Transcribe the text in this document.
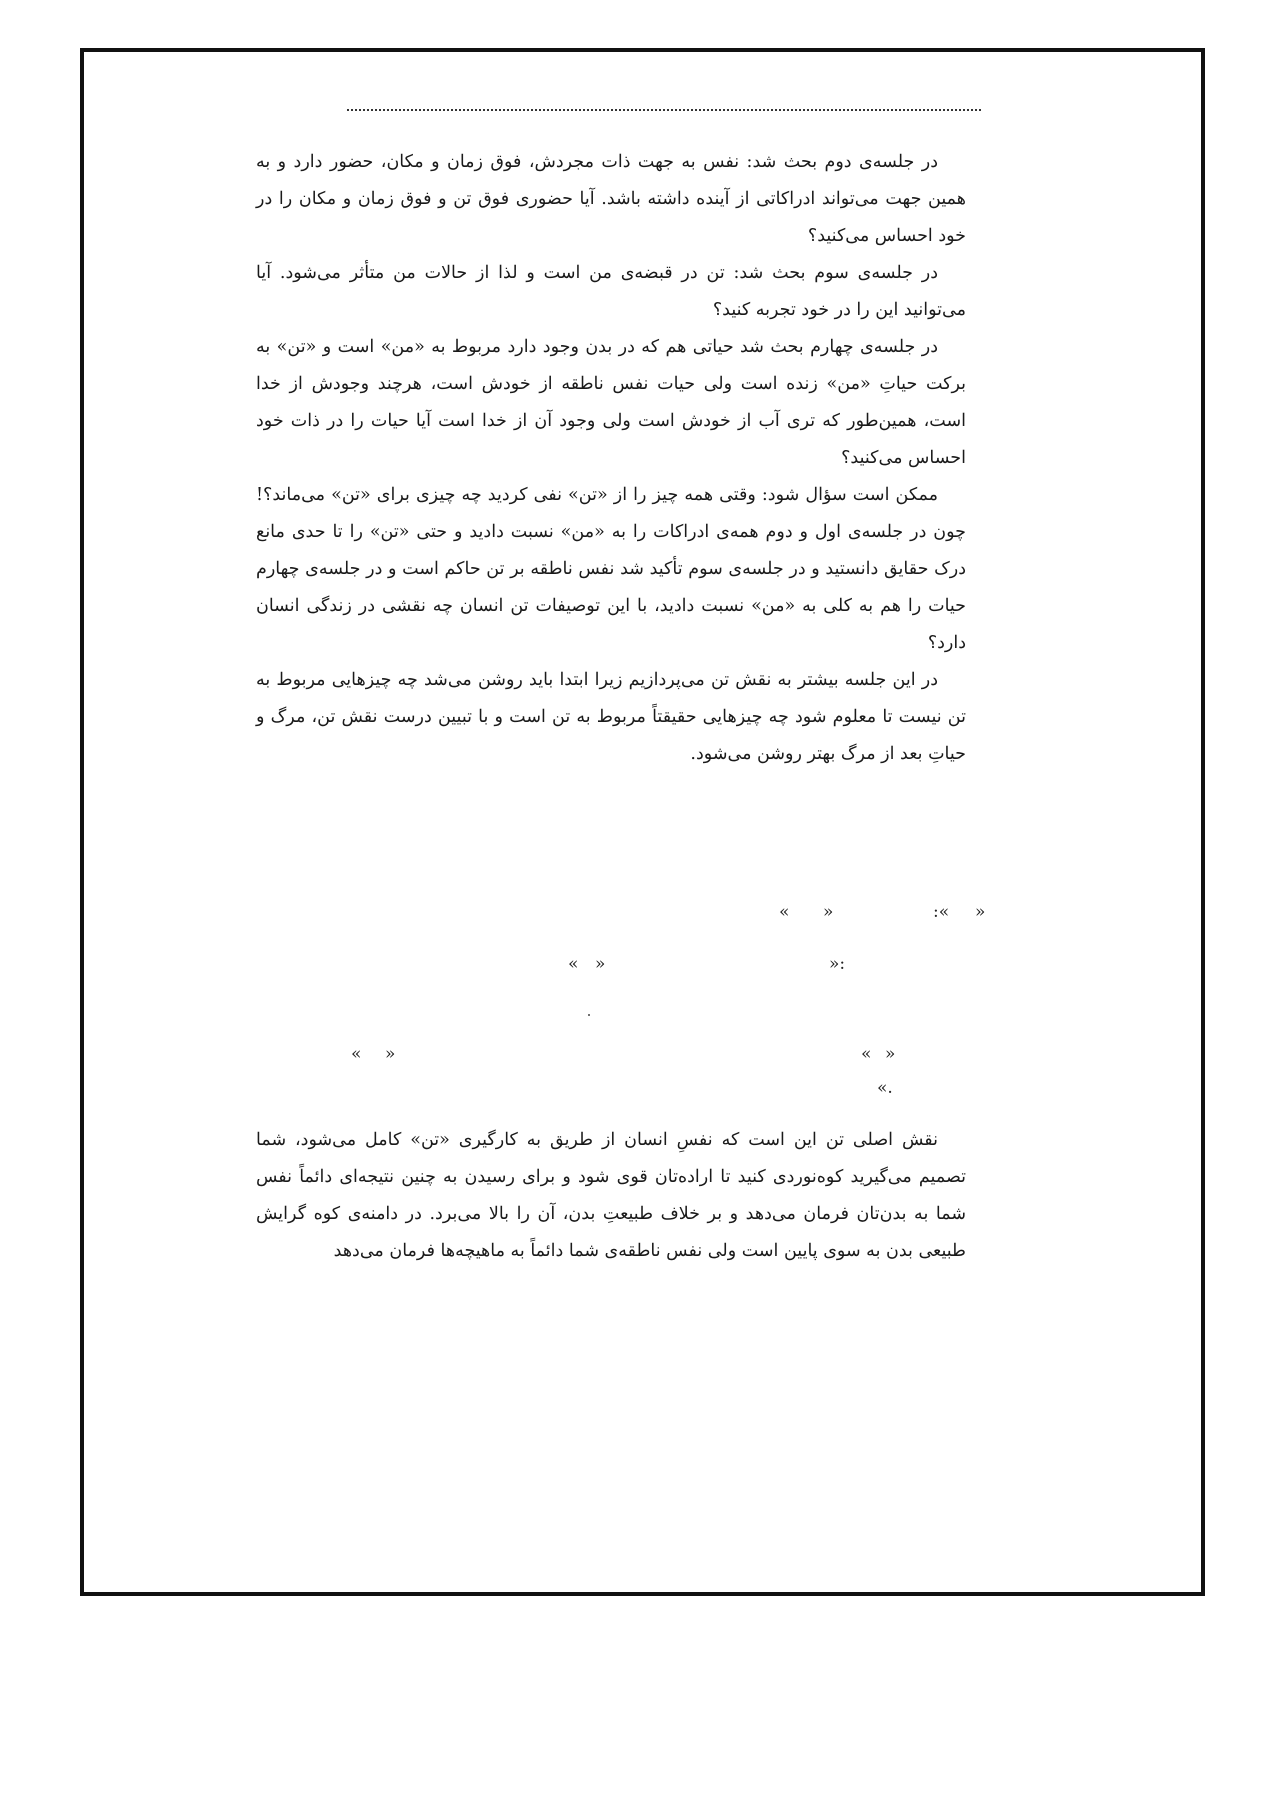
در جلسه‌ی دوم بحث شد: نفس به جهت ذات مجردش، فوق زمان و مکان، حضور دارد و به همین جهت می‌تواند ادراکاتی از آینده داشته باشد. آیا حضوری فوق تن و فوق زمان و مکان را در خود احساس می‌کنید؟

در جلسه‌ی سوم بحث شد: تن در قبضه‌ی من است و لذا از حالات من متأثر می‌شود. آیا می‌توانید این را در خود تجربه کنید؟

در جلسه‌ی چهارم بحث شد حیاتی هم که در بدن وجود دارد مربوط به «من» است و «تن» به برکت حیاتِ «من» زنده است ولی حیات نفس ناطقه از خودش است، هرچند وجودش از خدا است، همین‌طور که تری آب از خودش است ولی وجود آن از خدا است آیا حیات را در ذات خود احساس می‌کنید؟

ممکن است سؤال شود: وقتی همه چیز را از «تن» نفی کردید چه چیزی برای «تن» می‌ماند؟! چون در جلسه‌ی اول و دوم همه‌ی ادراکات را به «من» نسبت دادید و حتی «تن» را تا حدی مانع درک حقایق دانستید و در جلسه‌ی سوم تأکید شد نفس ناطقه بر تن حاکم است و در جلسه‌ی چهارم حیات را هم به کلی به «من» نسبت دادید، با این توصیفات تن انسان چه نقشی در زندگی انسان دارد؟

در این جلسه بیشتر به نقش تن می‌پردازیم زیرا ابتدا باید روشن می‌شد چه چیزهایی مربوط به تن نیست تا معلوم شود چه چیزهایی حقیقتاً مربوط به تن است و با تبیین درست نقش تن، مرگ و حیاتِ بعد از مرگ بهتر روشن می‌شود.

« »	:« »
« »	»:
« »	« »
«.

نقش اصلی تن این است که نفسِ انسان از طریق به کارگیری «تن» کامل می‌شود، شما تصمیم می‌گیرید کوه‌نوردی کنید تا اراده‌تان قوی شود و برای رسیدن به چنین نتیجه‌ای دائماً نفس شما به بدن‌تان فرمان می‌دهد و بر خلاف طبیعتِ بدن، آن را بالا می‌برد. در دامنه‌ی کوه گرایش طبیعی بدن به سوی پایین است ولی نفس ناطقه‌ی شما دائماً به ماهیچه‌ها فرمان می‌دهد
